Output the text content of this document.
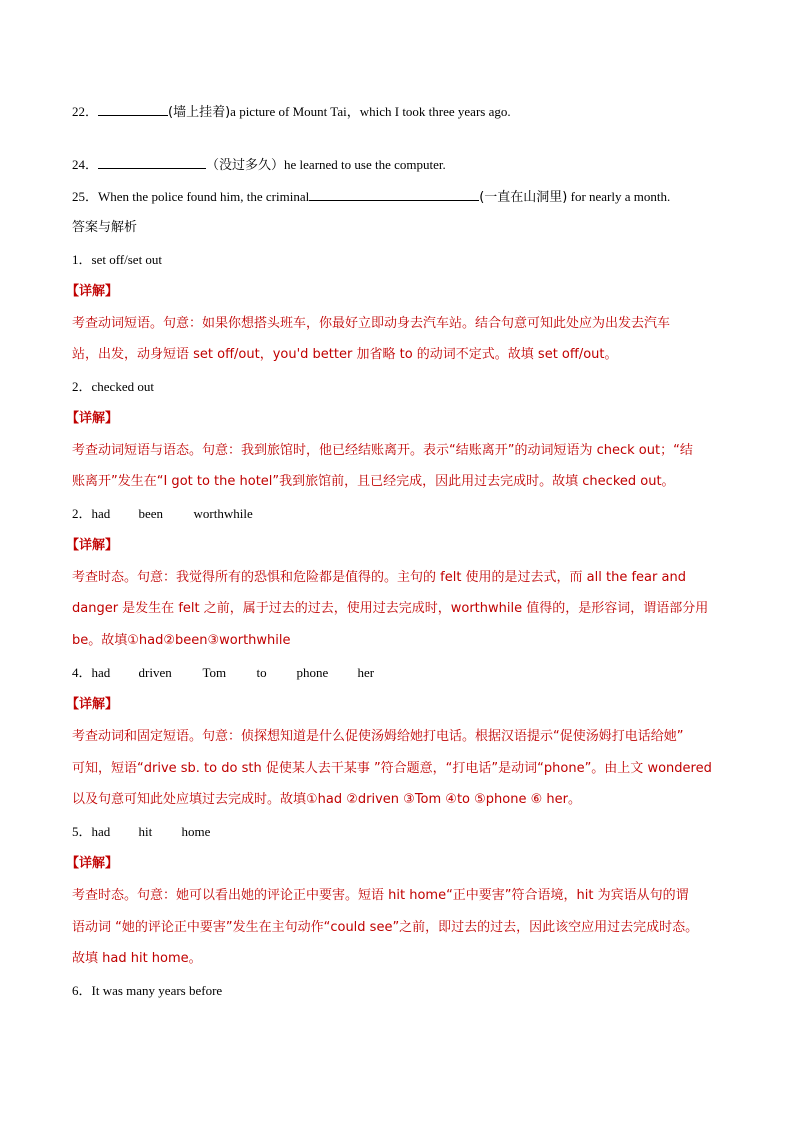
22．	(墙上挂着)a picture of Mount Tai，which I took three years ago.
24．	（没过多久）he learned to use the computer.
25．When the police found him, the criminal	(一直在山洞里) for nearly a month.
答案与解析
1．set off/set out
【详解】
考查动词短语。句意：如果你想搭头班车，你最好立即动身去汽车站。结合句意可知此处应为出发去汽车
站，出发，动身短语 set off/out，you'd better 加省略 to 的动词不定式。故填 set off/out。
2．checked out
【详解】
考查动词短语与语态。句意：我到旅馆时，他已经结账离开。表示“结账离开”的动词短语为 check out；“结
账离开”发生在“I got to the hotel”我到旅馆前，且已经完成，因此用过去完成时。故填 checked out。
2．had been worthwhile
【详解】
考查时态。句意：我觉得所有的恐惧和危险都是值得的。主句的 felt 使用的是过去式，而 all the fear and
danger 是发生在 felt 之前，属于过去的过去，使用过去完成时，worthwhile 值得的，是形容词，谓语部分用
be。故填①had②been③worthwhile
4．had driven Tom to phone her
【详解】
考查动词和固定短语。句意：侦探想知道是什么促使汤姆给她打电话。根据汉语提示“促使汤姆打电话给她”
可知，短语“drive sb. to do sth 促使某人去干某事 ”符合题意，“打电话”是动词“phone”。由上文 wondered
以及句意可知此处应填过去完成时。故填①had ②driven ③Tom ④to ⑤phone ⑥ her。
5．had hit home
【详解】
考查时态。句意：她可以看出她的评论正中要害。短语 hit home“正中要害”符合语境，hit 为宾语从句的谓
语动词 “她的评论正中要害”发生在主句动作“could see”之前，即过去的过去，因此该空应用过去完成时态。
故填 had hit home。
6．It was many years before
